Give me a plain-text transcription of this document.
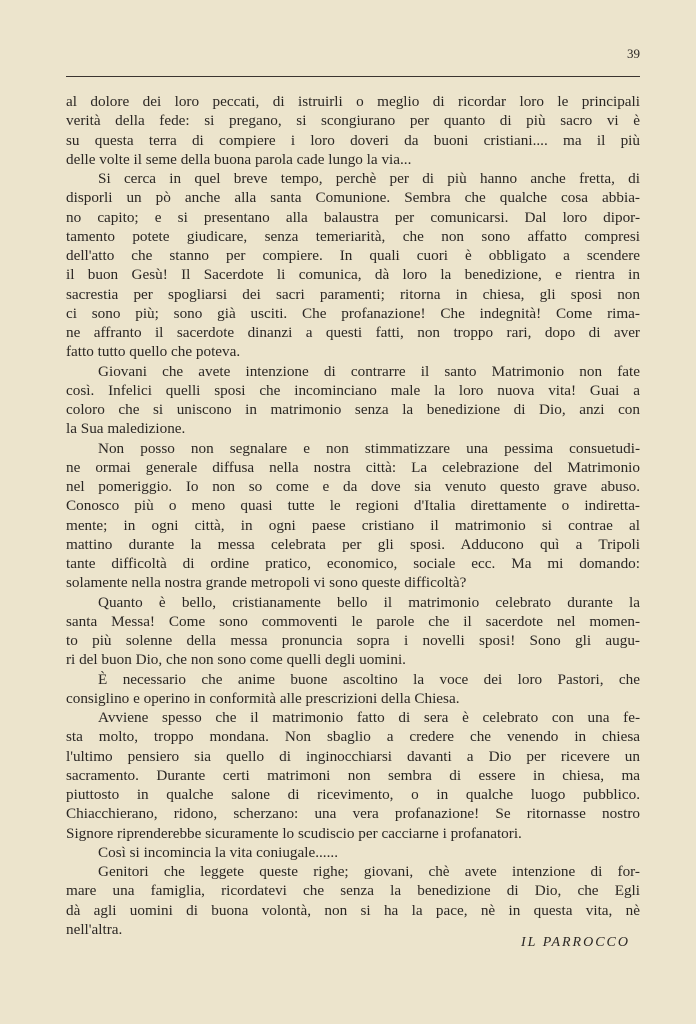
39

al dolore dei loro peccati, di istruirli o meglio di ricordar loro le principali
verità della fede: si pregano, si scongiurano per quanto di più sacro vi è
su questa terra di compiere i loro doveri da buoni cristiani.... ma il più
delle volte il seme della buona parola cade lungo la via...

Si cerca in quel breve tempo, perchè per di più hanno anche fretta, di
disporli un pò anche alla santa Comunione. Sembra che qualche cosa abbia-
no capito; e si presentano alla balaustra per comunicarsi. Dal loro dipor-
tamento potete giudicare, senza temeriarità, che non sono affatto compresi
dell'atto che stanno per compiere. In quali cuori è obbligato a scendere
il buon Gesù! Il Sacerdote li comunica, dà loro la benedizione, e rientra in
sacrestia per spogliarsi dei sacri paramenti; ritorna in chiesa, gli sposi non
ci sono più; sono già usciti. Che profanazione! Che indegnità! Come rima-
ne affranto il sacerdote dinanzi a questi fatti, non troppo rari, dopo di aver
fatto tutto quello che poteva.

Giovani che avete intenzione di contrarre il santo Matrimonio non fate
così. Infelici quelli sposi che incominciano male la loro nuova vita! Guai a
coloro che si uniscono in matrimonio senza la benedizione di Dio, anzi con
la Sua maledizione.

Non posso non segnalare e non stimmatizzare una pessima consuetudi-
ne ormai generale diffusa nella nostra città: La celebrazione del Matrimonio
nel pomeriggio. Io non so come e da dove sia venuto questo grave abuso.
Conosco più o meno quasi tutte le regioni d'Italia direttamente o indiretta-
mente; in ogni città, in ogni paese cristiano il matrimonio si contrae al
mattino durante la messa celebrata per gli sposi. Adducono quì a Tripoli
tante difficoltà di ordine pratico, economico, sociale ecc. Ma mi domando:
solamente nella nostra grande metropoli vi sono queste difficoltà?

Quanto è bello, cristianamente bello il matrimonio celebrato durante la
santa Messa! Come sono commoventi le parole che il sacerdote nel momen-
to più solenne della messa pronuncia sopra i novelli sposi! Sono gli augu-
ri del buon Dio, che non sono come quelli degli uomini.

È necessario che anime buone ascoltino la voce dei loro Pastori, che
consiglino e operino in conformità alle prescrizioni della Chiesa.

Avviene spesso che il matrimonio fatto di sera è celebrato con una fe-
sta molto, troppo mondana. Non sbaglio a credere che venendo in chiesa
l'ultimo pensiero sia quello di inginocchiarsi davanti a Dio per ricevere un
sacramento. Durante certi matrimoni non sembra di essere in chiesa, ma
piuttosto in qualche salone di ricevimento, o in qualche luogo pubblico.
Chiacchierano, ridono, scherzano: una vera profanazione! Se ritornasse nostro
Signore riprenderebbe sicuramente lo scudiscio per cacciarne i profanatori.

Così si incomincia la vita coniugale......

Genitori che leggete queste righe; giovani, chè avete intenzione di for-
mare una famiglia, ricordatevi che senza la benedizione di Dio, che Egli
dà agli uomini di buona volontà, non si ha la pace, nè in questa vita, nè
nell'altra.

IL PARROCCO
